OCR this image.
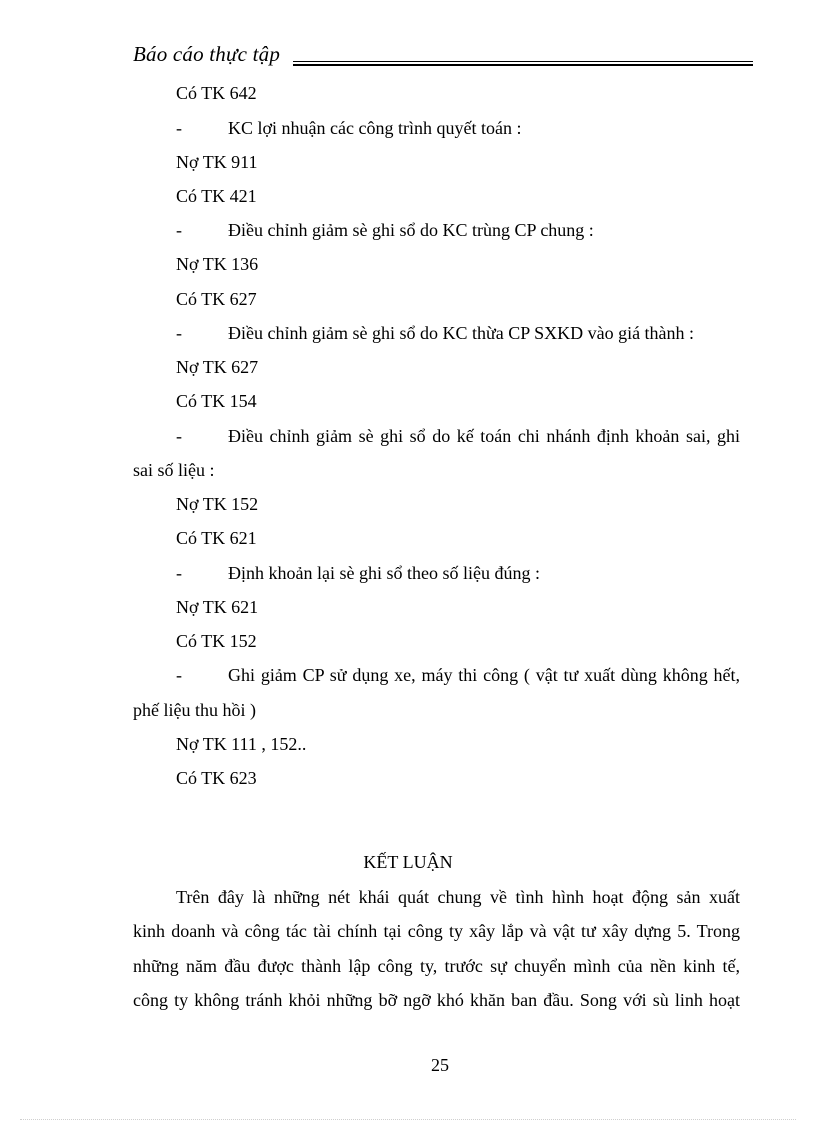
Báo cáo thực tập
Có TK 642
-	KC lợi nhuận các công trình quyết toán :
Nợ TK 911
Có TK 421
-	Điều chỉnh giảm sè ghi sổ do KC trùng CP chung :
Nợ TK 136
Có TK 627
-	Điều chỉnh giảm sè ghi sổ do KC thừa CP SXKD vào giá thành :
Nợ TK 627
Có TK 154
-	Điều chỉnh giảm sè ghi sổ do kế toán chi nhánh định khoản sai, ghi
sai số liệu :
Nợ TK 152
Có TK 621
-	Định khoản lại sè ghi sổ theo số liệu đúng :
Nợ TK 621
Có TK 152
-	Ghi giảm CP sử dụng xe, máy thi công ( vật tư xuất dùng không hết,
phế liệu thu hồi )
Nợ TK 111 , 152..
Có TK 623
KẾT LUẬN
Trên đây là những nét khái quát chung về tình hình hoạt động sản xuất
kinh doanh và công tác tài chính tại công ty xây lắp và vật tư xây dựng 5. Trong
những năm đầu được thành lập công ty, trước sự chuyển mình của nền kinh tế,
công ty không tránh khỏi những bỡ ngỡ khó khăn ban đầu. Song với sù linh hoạt
25
